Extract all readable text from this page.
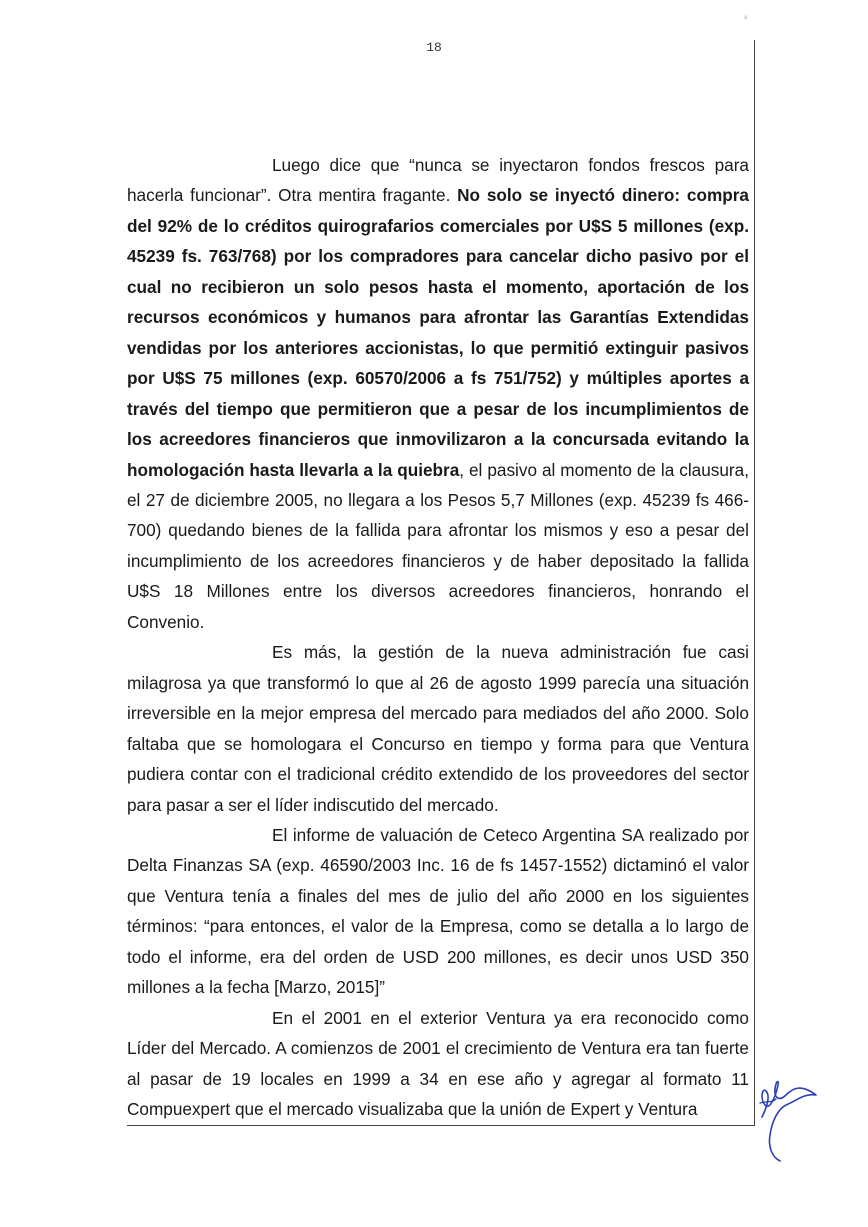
18
ª

Luego dice que “nunca se inyectaron fondos frescos para hacerla funcionar”. Otra mentira fragante. No solo se inyectó dinero: compra del 92% de lo créditos quirografarios comerciales por U$S 5 millones (exp. 45239 fs. 763/768) por los compradores para cancelar dicho pasivo por el cual no recibieron un solo pesos hasta el momento, aportación de los recursos económicos y humanos para afrontar las Garantías Extendidas vendidas por los anteriores accionistas, lo que permitió extinguir pasivos por U$S 75 millones (exp. 60570/2006 a fs 751/752) y múltiples aportes a través del tiempo que permitieron que a pesar de los incumplimientos de los acreedores financieros que inmovilizaron a la concursada evitando la homologación hasta llevarla a la quiebra, el pasivo al momento de la clausura, el 27 de diciembre 2005, no llegara a los Pesos 5,7 Millones (exp. 45239 fs 466-700) quedando bienes de la fallida para afrontar los mismos y eso a pesar del incumplimiento de los acreedores financieros y de haber depositado la fallida U$S 18 Millones entre los diversos acreedores financieros, honrando el Convenio.

Es más, la gestión de la nueva administración fue casi milagrosa ya que transformó lo que al 26 de agosto 1999 parecía una situación irreversible en la mejor empresa del mercado para mediados del año 2000. Solo faltaba que se homologara el Concurso en tiempo y forma para que Ventura pudiera contar con el tradicional crédito extendido de los proveedores del sector para pasar a ser el líder indiscutido del mercado.

El informe de valuación de Ceteco Argentina SA realizado por Delta Finanzas SA (exp. 46590/2003 Inc. 16 de fs 1457-1552) dictaminó el valor que Ventura tenía a finales del mes de julio del año 2000 en los siguientes términos: “para entonces, el valor de la Empresa, como se detalla a lo largo de todo el informe, era del orden de USD 200 millones, es decir unos USD 350 millones a la fecha [Marzo, 2015]”

En el 2001 en el exterior Ventura ya era reconocido como Líder del Mercado. A comienzos de 2001 el crecimiento de Ventura era tan fuerte al pasar de 19 locales en 1999 a 34 en ese año y agregar al formato 11 Compuexpert que el mercado visualizaba que la unión de Expert y Ventura
